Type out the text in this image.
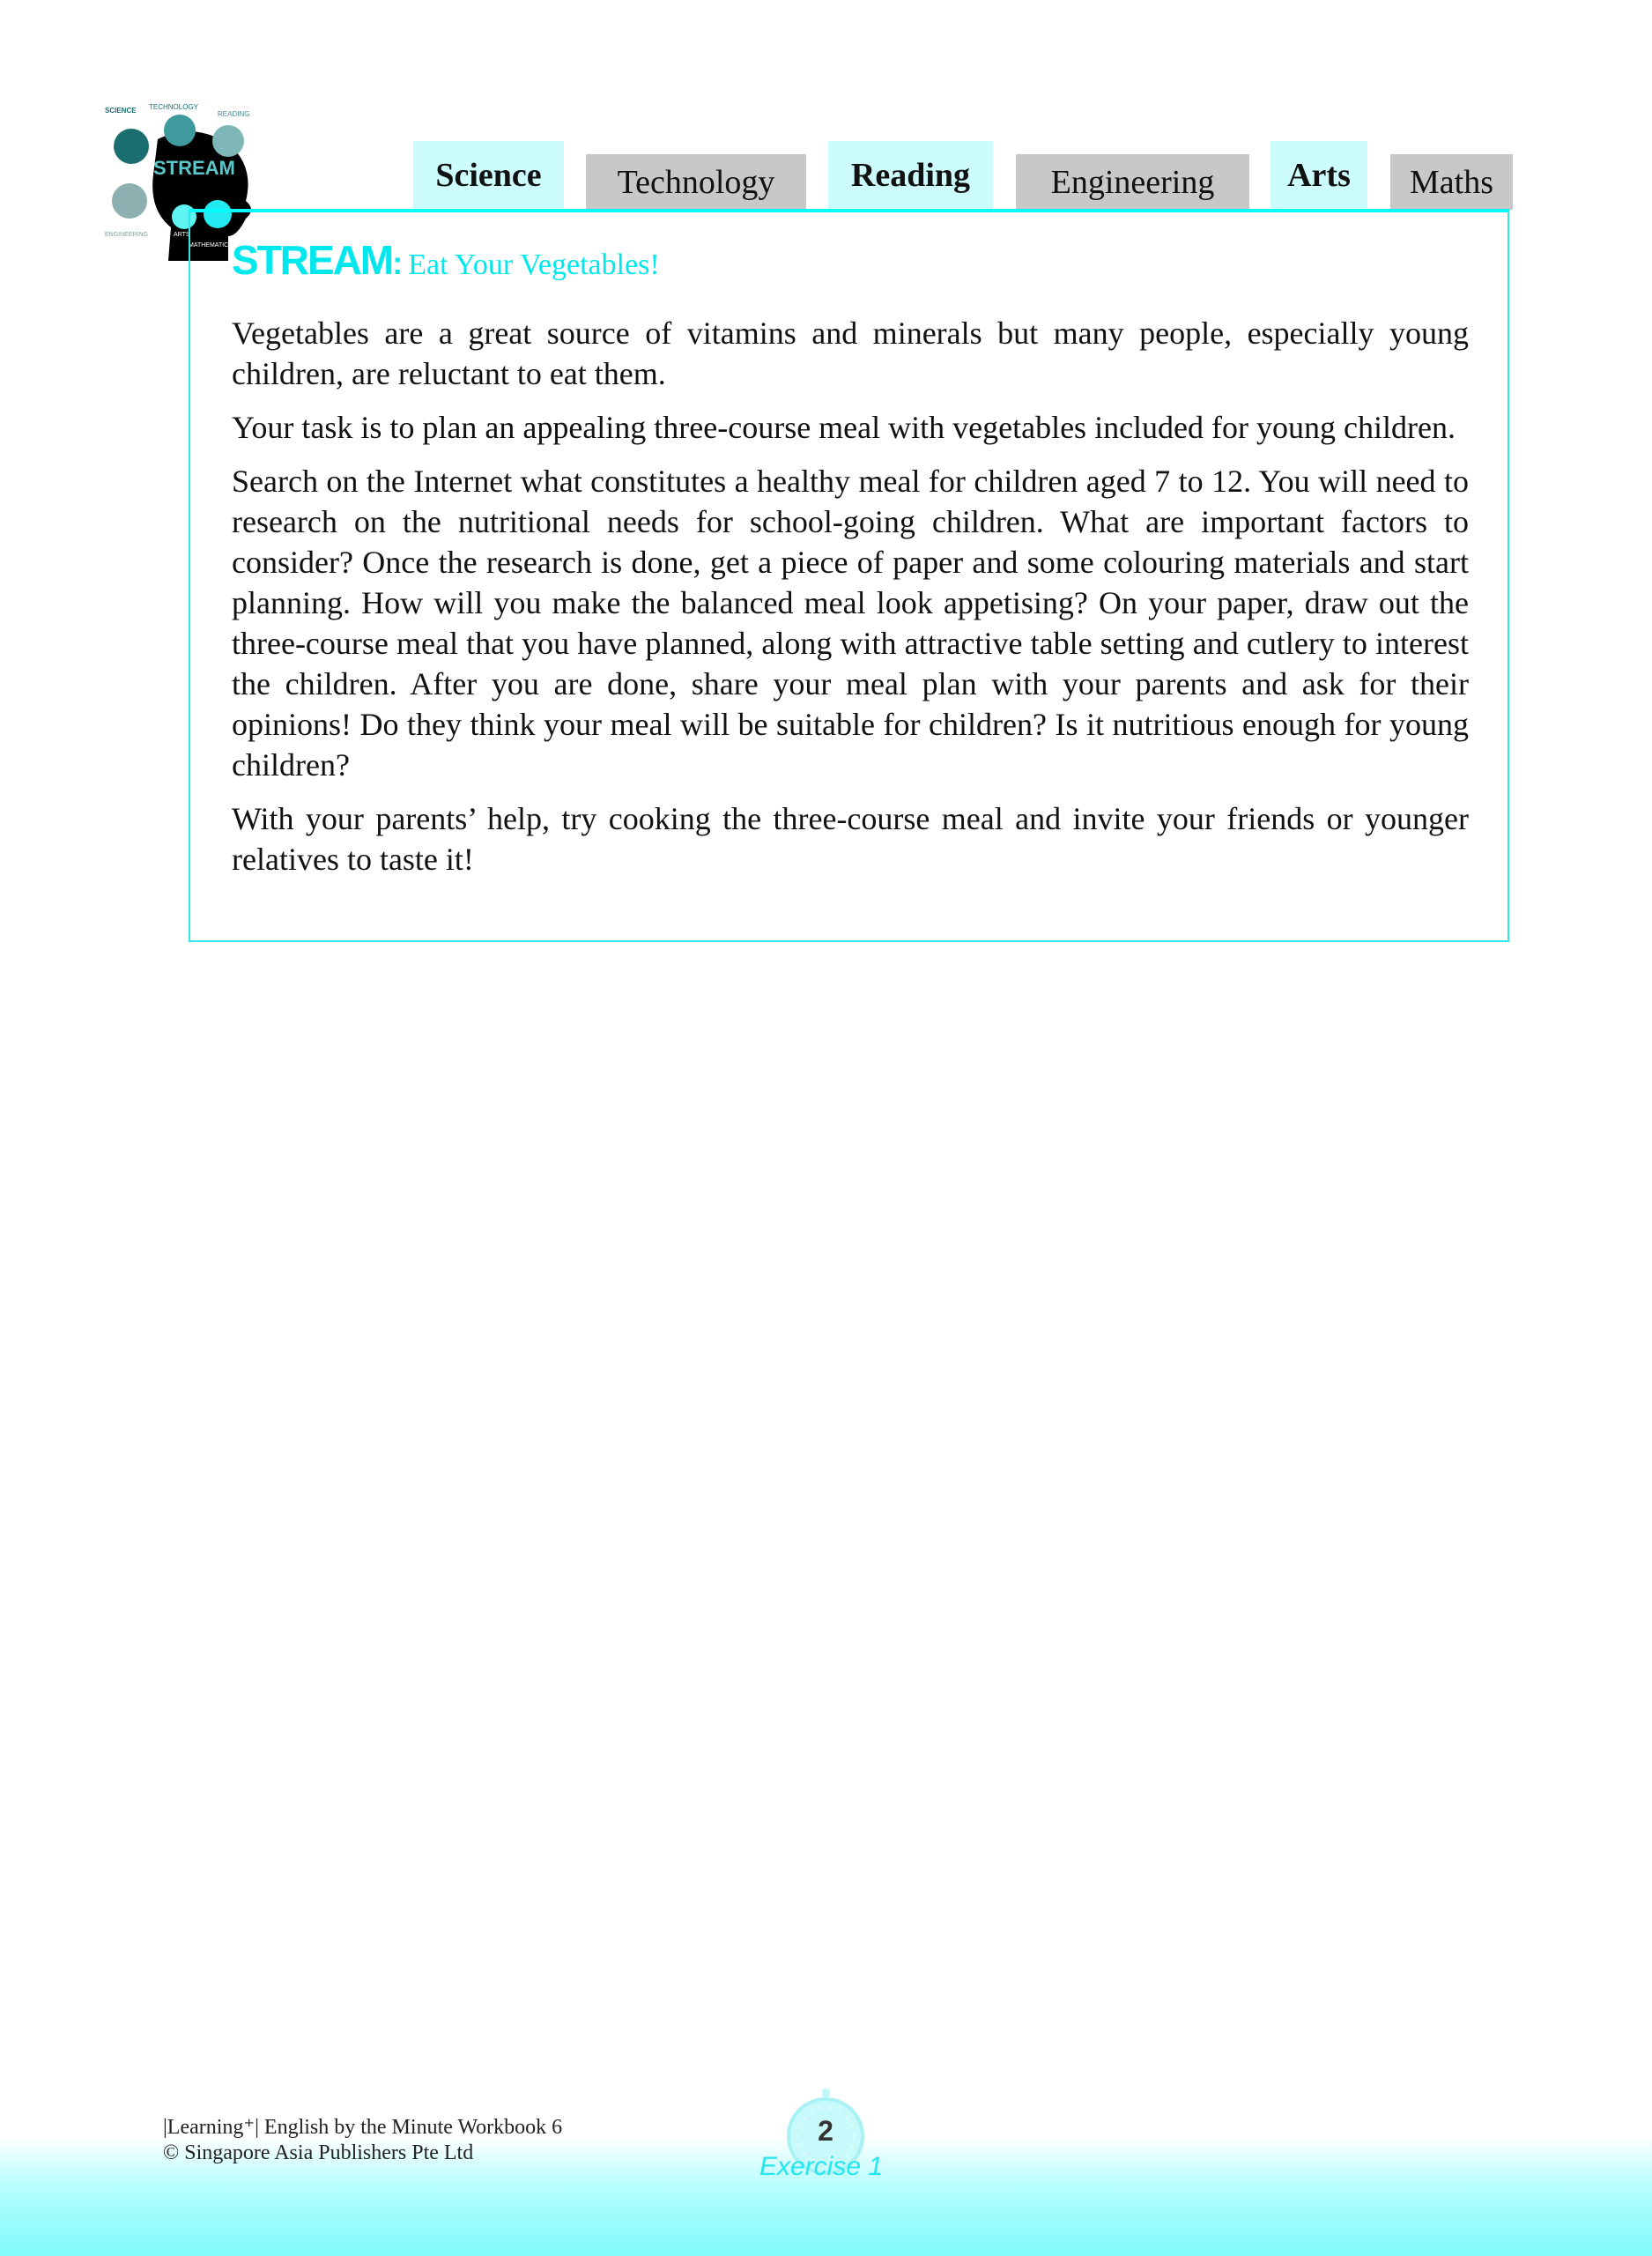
SCIENCE TECHNOLOGY
READING
STREAM
ENGINEERING	ARTS
MATHEMATICS
Science	Technology	Reading	Engineering	Arts	Maths
STREAM: Eat Your Vegetables!

Vegetables are a great source of vitamins and minerals but many people, especially young children, are reluctant to eat them.

Your task is to plan an appealing three-course meal with vegetables included for young children.

Search on the Internet what constitutes a healthy meal for children aged 7 to 12. You will need to research on the nutritional needs for school-going children. What are important factors to consider? Once the research is done, get a piece of paper and some colouring materials and start planning. How will you make the balanced meal look appetising? On your paper, draw out the three-course meal that you have planned, along with attractive table setting and cutlery to interest the children. After you are done, share your meal plan with your parents and ask for their opinions! Do they think your meal will be suitable for children? Is it nutritious enough for young children?

With your parents’ help, try cooking the three-course meal and invite your friends or younger relatives to taste it!

|Learning⁺| English by the Minute Workbook 6
© Singapore Asia Publishers Pte Ltd
2
Exercise 1
